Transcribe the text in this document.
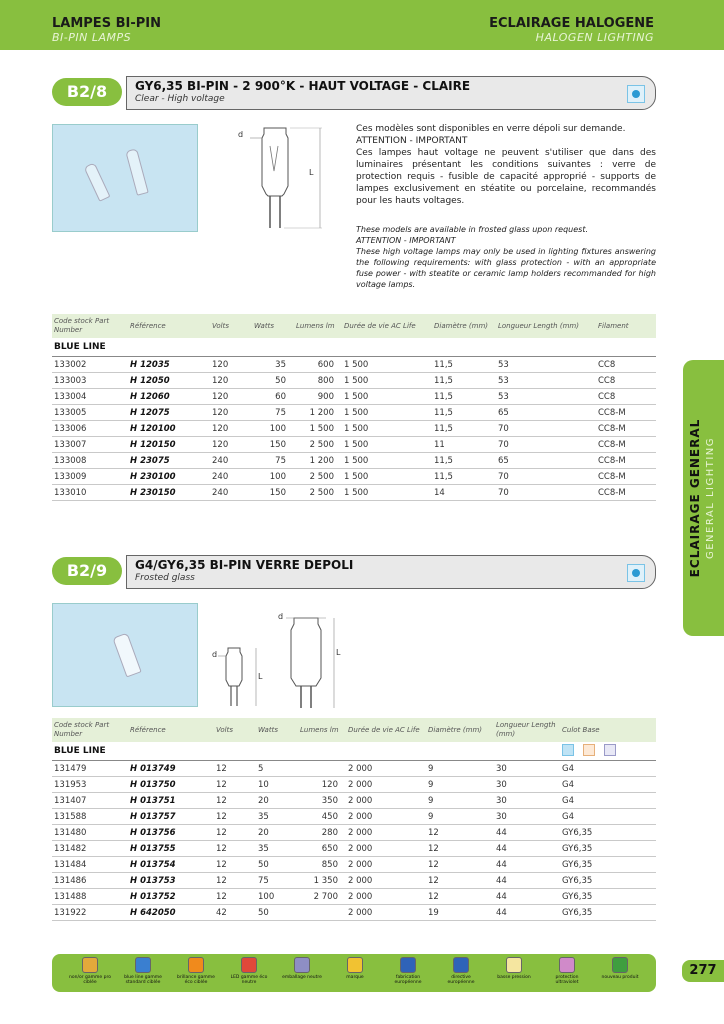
LAMPES BI-PIN
BI-PIN LAMPS
ECLAIRAGE HALOGENE
HALOGEN LIGHTING
B2/8	GY6,35 BI-PIN - 2 900°K - HAUT VOLTAGE - CLAIRE
Clear - High voltage
d
L
Ces modèles sont disponibles en verre dépoli sur demande.
ATTENTION - IMPORTANT
Ces lampes haut voltage ne peuvent s'utiliser que dans des luminaires présentant les conditions suivantes : verre de protection requis - fusible de capacité approprié - supports de lampes exclusivement en stéatite ou porcelaine, recommandés pour les hauts voltages.
These models are available in frosted glass upon request.
ATTENTION - IMPORTANT
These high voltage lamps may only be used in lighting fixtures answering the following requirements: with glass protection - with an appropriate fuse power - with steatite or ceramic lamp holders recommanded for high voltage lamps.
Code stock Part Number	Référence	Volts	Watts	Lumens lm	Durée de vie AC Life	Diamètre (mm)	Longueur Length (mm)	Filament
BLUE LINE								
133002	H 12035	120	35	600	1 500	11,5	53	CC8
133003	H 12050	120	50	800	1 500	11,5	53	CC8
133004	H 12060	120	60	900	1 500	11,5	53	CC8
133005	H 12075	120	75	1 200	1 500	11,5	65	CC8-M
133006	H 120100	120	100	1 500	1 500	11,5	70	CC8-M
133007	H 120150	120	150	2 500	1 500	11	70	CC8-M
133008	H 23075	240	75	1 200	1 500	11,5	65	CC8-M
133009	H 230100	240	100	2 500	1 500	11,5	70	CC8-M
133010	H 230150	240	150	2 500	1 500	14	70	CC8-M
B2/9	G4/GY6,35 BI-PIN VERRE DEPOLI
Frosted glass
d
L
d
L
Code stock Part Number	Référence	Volts	Watts	Lumens lm	Durée de vie AC Life	Diamètre (mm)	Longueur Length (mm)	Culot Base
BLUE LINE								
131479	H 013749	12	5		2 000	9	30	G4
131953	H 013750	12	10	120	2 000	9	30	G4
131407	H 013751	12	20	350	2 000	9	30	G4
131588	H 013757	12	35	450	2 000	9	30	G4
131480	H 013756	12	20	280	2 000	12	44	GY6,35
131482	H 013755	12	35	650	2 000	12	44	GY6,35
131484	H 013754	12	50	850	2 000	12	44	GY6,35
131486	H 013753	12	75	1 350	2 000	12	44	GY6,35
131488	H 013752	12	100	2 700	2 000	12	44	GY6,35
131922	H 642050	42	50		2 000	19	44	GY6,35
ECLAIRAGE GENERAL GENERAL LIGHTING
non/or gamme pro ciblée
blue line gamme standard ciblée
brillance gamme éco ciblée
LED gamme éco neutre
emballage neutre	marque	fabrication européenne
directive européenne
basse pression	protection ultraviolet
nouveau produit	277
